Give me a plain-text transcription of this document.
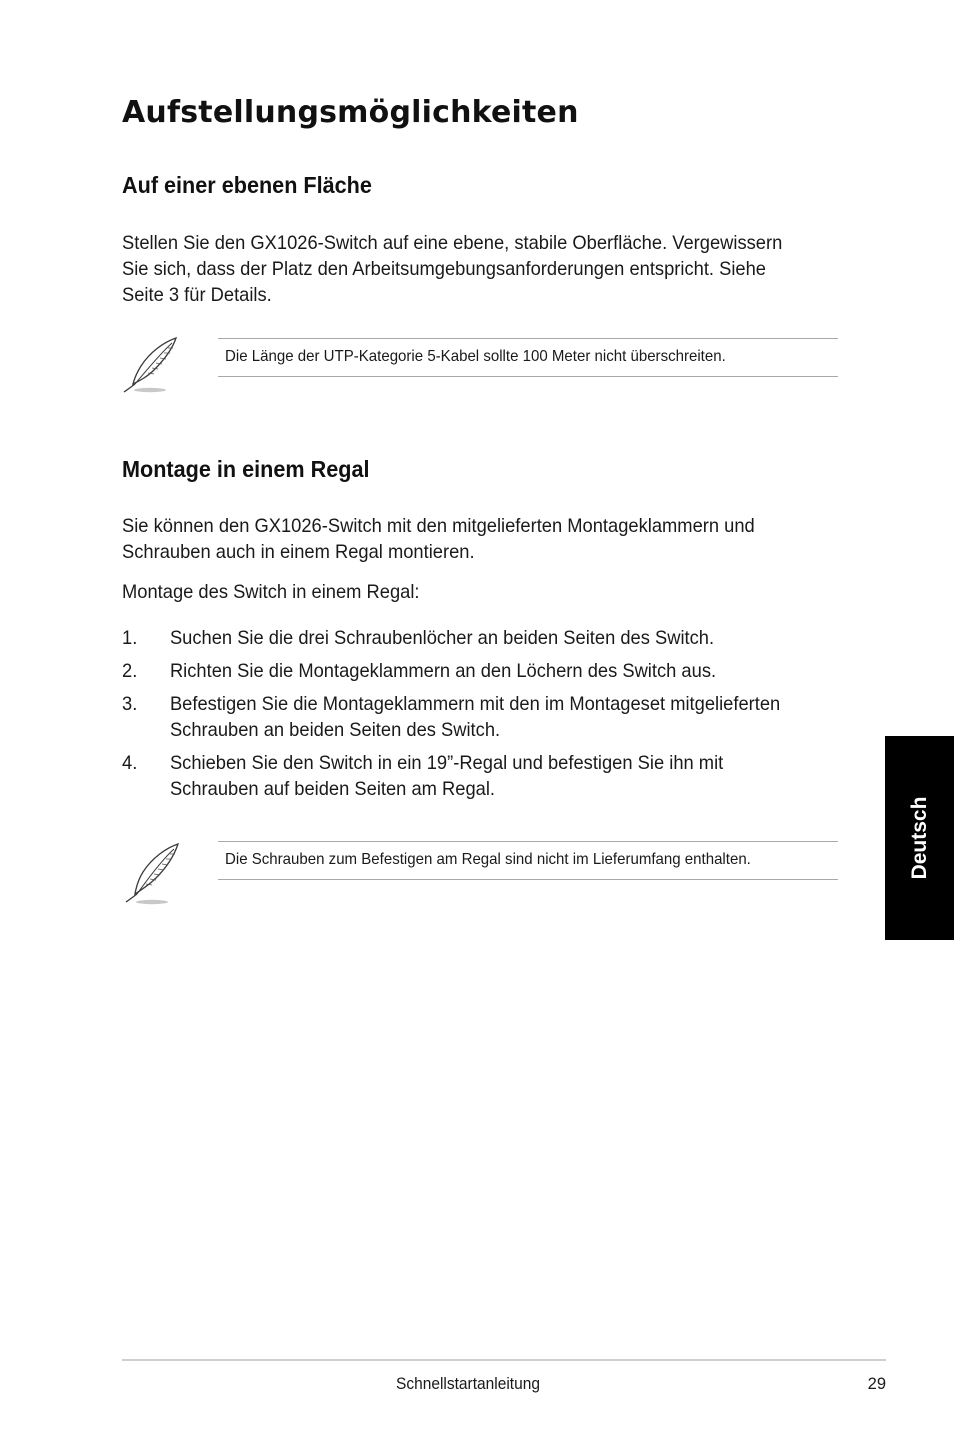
Aufstellungsmöglichkeiten
Auf einer ebenen Fläche

Stellen Sie den GX1026-Switch auf eine ebene, stabile Oberfläche. Vergewissern
Sie sich, dass der Platz den Arbeitsumgebungsanforderungen entspricht. Siehe
Seite 3 für Details.

Die Länge der UTP-Kategorie 5-Kabel sollte 100 Meter nicht überschreiten.
Montage in einem Regal

Sie können den GX1026-Switch mit den mitgelieferten Montageklammern und
Schrauben auch in einem Regal montieren.

Montage des Switch in einem Regal:

1. Suchen Sie die drei Schraubenlöcher an beiden Seiten des Switch.
2. Richten Sie die Montageklammern an den Löchern des Switch aus.
3. Befestigen Sie die Montageklammern mit den im Montageset mitgelieferten
Schrauben an beiden Seiten des Switch.
4. Schieben Sie den Switch in ein 19”-Regal und befestigen Sie ihn mit
Schrauben auf beiden Seiten am Regal.
Die Schrauben zum Befestigen am Regal sind nicht im Lieferumfang enthalten.	Deutsch
Schnellstartanleitung	29
